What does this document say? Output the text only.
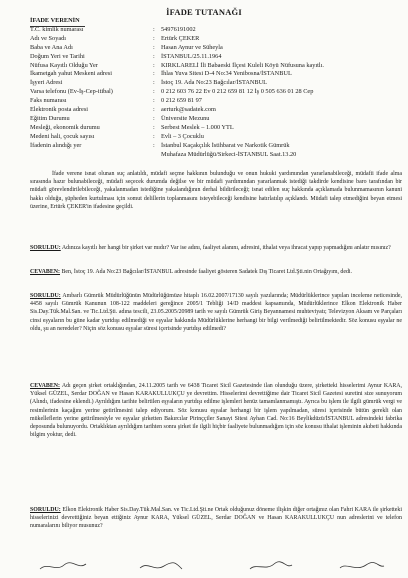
İFADE TUTANAĞI
İFADE VERENİN
T.C. kimlik numarası	: 54976191002
Adı ve Soyadı	: Ertürk ÇEKER
Baba ve Ana Adı	: Hasan Aynur ve Süheyla
Doğum Yeri ve Tarihi	: İSTANBUL/25.11.1964
Nüfusa Kayıtlı Olduğu Yer	: KIRKLARELİ İli Babaeski İlçesi Kuleli Köyü Nüfusuna kayıtlı.
İkametgah yahut Meskeni adresi	: İhlas Yuva Sitesi D-4 No:34 Yenibosna/İSTANBUL
İşyeri Adresi	: İstoç 19. Ada No:23 Bağcılar/İSTANBUL
Varsa telefonu (Ev-İş-Cep-itibal)	: 0 212 603 76 22 Ev 0 212 659 81 12 İş 0 505 636 01 28 Cep
Faks numarası	: 0 212 659 81 97
Elektronik posta adresi	: aerturk@sadatek.com
Eğitim Durumu	: Üniversite Mezunu
Mesleği, ekonomik durumu	: Serbest Meslek – 1.000 YTL
Medeni hali, çocuk sayısı	: Evli – 3 Çocuklu
İfadenin alındığı yer	: İstanbul Kaçakçılık İstihbarat ve Narkotik Gümrük
Muhafaza Müdürlüğü/Sirkeci-İSTANBUL Saat.13.20
İfade verene isnat olunan suç anlatıldı, müdafi seçme hakkının bulunduğu ve onun hukuki yardımından yararlanabileceği, müdafii ifade alma sırasında hazır bulunabileceği, müdafi seçecek durumda değilse ve bir müdafi yardımından yararlanmak istediği takdirde kendisine baro tarafından bir müdafi görevlendirilebileceği, yakalanmadan istediğine yakalandığının derhal bildirileceği; isnat edilen suç hakkında açıklamada bulunmamasının kanuni hakkı olduğu, şüpheden kurtulması için somut delillerin toplanmasını isteyebileceği kendisine hatırlatılıp açıklandı. Müdafi talep etmediğini beyan etmesi üzerine, Ertürk ÇEKER'in ifadesine geçildi.
SORULDU: Adınıza kayıtlı her hangi bir şirket var mıdır? Var ise adını, faaliyet alanını, adresini, ithalat veya ihracat yapıp yapmadığını anlatır mısınız?
CEVABEN: Ben, İstoç 19. Ada No:23 Bağcılar/İSTANBUL adresinde faaliyet gösteren Sadatek Dış Ticaret Ltd.Şti.nin Ortağıyım, dedi.
SORULDU: Ambarlı Gümrük Müdürlüğünün Müdürlüğümüze hitaplı 16.02.2007/17130 sayılı yazılarında; Müdürlüklerince yapılan inceleme neticesinde, 4458 sayılı Gümrük Kanunun 108-122 maddeleri gereğince 2005/1 Tebliği 14/D maddesi kapsamında, Müdürlüklerince Elkon Elektronik Haber Sis.Day.Tük.Mal.San. ve Tic.Ltd.Şti. adına tescili, 23.05.2005/20989 tarih ve sayılı Gümrük Giriş Beyannamesi muhteviyatı; Televizyon Aksam ve Parçaları cinsi eşyaların bu güne kadar yurtdışı edilmediği ve eşyalar hakkında Müdürlüklerine herhangi bir bilgi verilmediği belirtilmektedir. Söz konusu eşyalar ne oldu, şu an neredeler? Niçin söz konusu eşyalar süresi içerisinde yurtdışı edilmedi?
CEVABEN: Adı geçen şirket ortaklığından, 24.11.2005 tarih ve 6438 Ticaret Sicil Gazetesinde ilan olunduğu üzere, şirketteki hisselerimi Aynur KARA, Yüksel GÜZEL, Serdar DOĞAN ve Hasan KARAKULLUKÇU ye devrettim. Hisselerimi devrettiğime dair Ticaret Sicil Gazetesi suretini size sunuyorum (Alındı, ifadesine eklendi.) Ayrıldığım tarihte belirtilen eşyaların yurtdışı edilme işlemleri henüz tamamlanmamıştı. Ayrıca bu işlem ile ilgili gümrük vergi ve resimlerinin kaçağını yerine getirilmesini talep ediyorum. Söz konusu eşyalar herhangi bir işlem yapılmadan, süresi içerisinde bütün gerekli olan mükelleflerin yerine getirilmesiyle ve eşyalar şirketten Bakırcılar Pirinççiler Sanayi Sitesi Ayhan Cad. No:16 Beylikdüzü/İSTANBUL adresindeki fabrika deposunda bulunuyordu. Ortaklıktan ayrıldığım tarihten sonra şirket ile ilgili hiçbir faaliyete bulunmadığım için söz konusu ithalat işleminin akıbeti hakkında bilgim yoktur, dedi.
SORULDU: Elkon Elektronik Haber Sis.Day.Tük.Mal.San. ve Tic.Ltd.Şti.ne Ortak olduğunuz döneme ilişkin diğer ortağınız olan Fahri KARA ile şirketteki hisselerinizi devrettiğiniz beyan ettiğiniz Aynur KARA, Yüksel GÜZEL, Serdar DOĞAN ve Hasan KARAKULLUKÇU nun adreslerini ve telefon numaralarını biliyor musunuz?
